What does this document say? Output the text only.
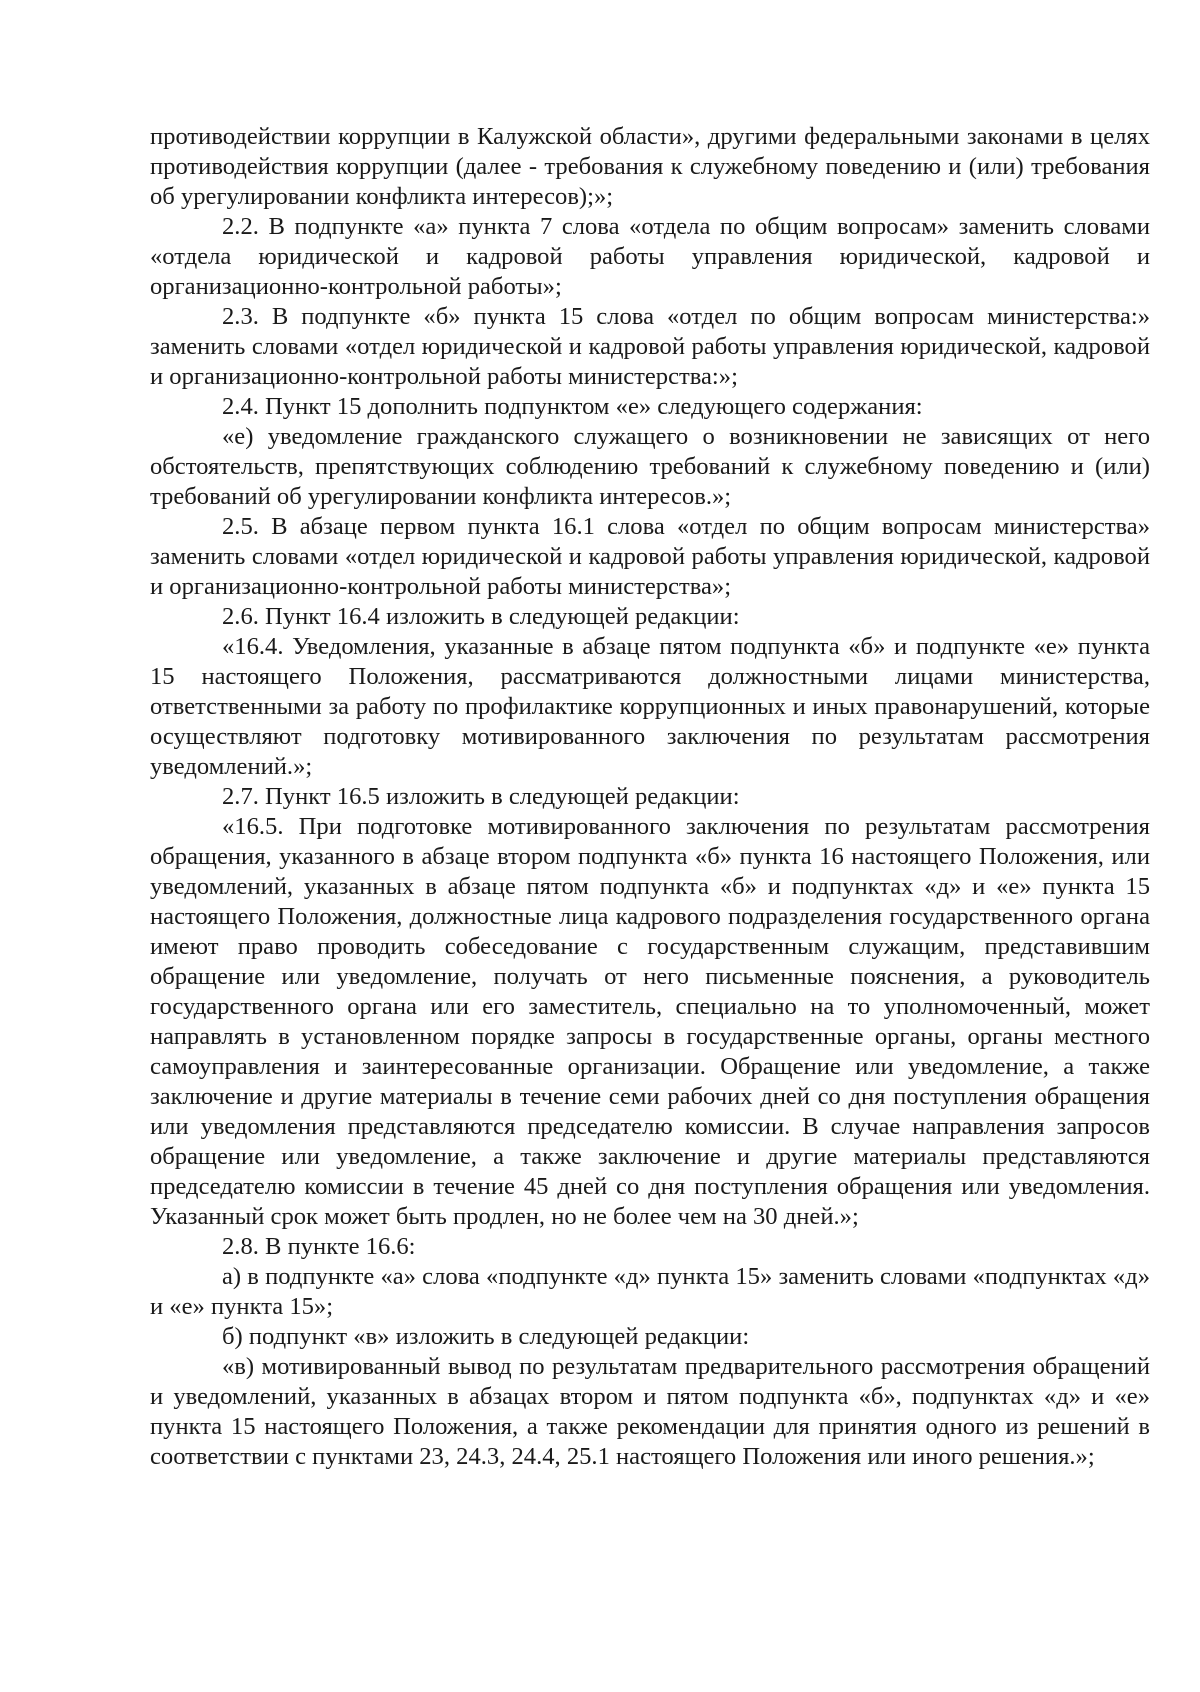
противодействии коррупции в Калужской области», другими федеральными законами в целях противодействия коррупции (далее - требования к служебному поведению и (или) требования об урегулировании конфликта интересов);»;

2.2. В подпункте «а» пункта 7 слова «отдела по общим вопросам» заменить словами «отдела юридической и кадровой работы управления юридической, кадровой и организационно-контрольной работы»;

2.3. В подпункте «б» пункта 15 слова «отдел по общим вопросам министерства:» заменить словами «отдел юридической и кадровой работы управления юридической, кадровой и организационно-контрольной работы министерства:»;

2.4. Пункт 15 дополнить подпунктом «е» следующего содержания:

«е) уведомление гражданского служащего о возникновении не зависящих от него обстоятельств, препятствующих соблюдению требований к служебному поведению и (или) требований об урегулировании конфликта интересов.»;

2.5. В абзаце первом пункта 16.1 слова «отдел по общим вопросам министерства» заменить словами «отдел юридической и кадровой работы управления юридической, кадровой и организационно-контрольной работы министерства»;

2.6. Пункт 16.4 изложить в следующей редакции:

«16.4. Уведомления, указанные в абзаце пятом подпункта «б» и подпункте «е» пункта 15 настоящего Положения, рассматриваются должностными лицами министерства, ответственными за работу по профилактике коррупционных и иных правонарушений, которые осуществляют подготовку мотивированного заключения по результатам рассмотрения уведомлений.»;

2.7. Пункт 16.5 изложить в следующей редакции:

«16.5. При подготовке мотивированного заключения по результатам рассмотрения обращения, указанного в абзаце втором подпункта «б» пункта 16 настоящего Положения, или уведомлений, указанных в абзаце пятом подпункта «б» и подпунктах «д» и «е» пункта 15 настоящего Положения, должностные лица кадрового подразделения государственного органа имеют право проводить собеседование с государственным служащим, представившим обращение или уведомление, получать от него письменные пояснения, а руководитель государственного органа или его заместитель, специально на то уполномоченный, может направлять в установленном порядке запросы в государственные органы, органы местного самоуправления и заинтересованные организации. Обращение или уведомление, а также заключение и другие материалы в течение семи рабочих дней со дня поступления обращения или уведомления представляются председателю комиссии. В случае направления запросов обращение или уведомление, а также заключение и другие материалы представляются председателю комиссии в течение 45 дней со дня поступления обращения или уведомления. Указанный срок может быть продлен, но не более чем на 30 дней.»;

2.8. В пункте 16.6:

а) в подпункте «а» слова «подпункте «д» пункта 15» заменить словами «подпунктах «д» и «е» пункта 15»;

б) подпункт «в» изложить в следующей редакции:

«в) мотивированный вывод по результатам предварительного рассмотрения обращений и уведомлений, указанных в абзацах втором и пятом подпункта «б», подпунктах «д» и «е» пункта 15 настоящего Положения, а также рекомендации для принятия одного из решений в соответствии с пунктами 23, 24.3, 24.4, 25.1 настоящего Положения или иного решения.»;
